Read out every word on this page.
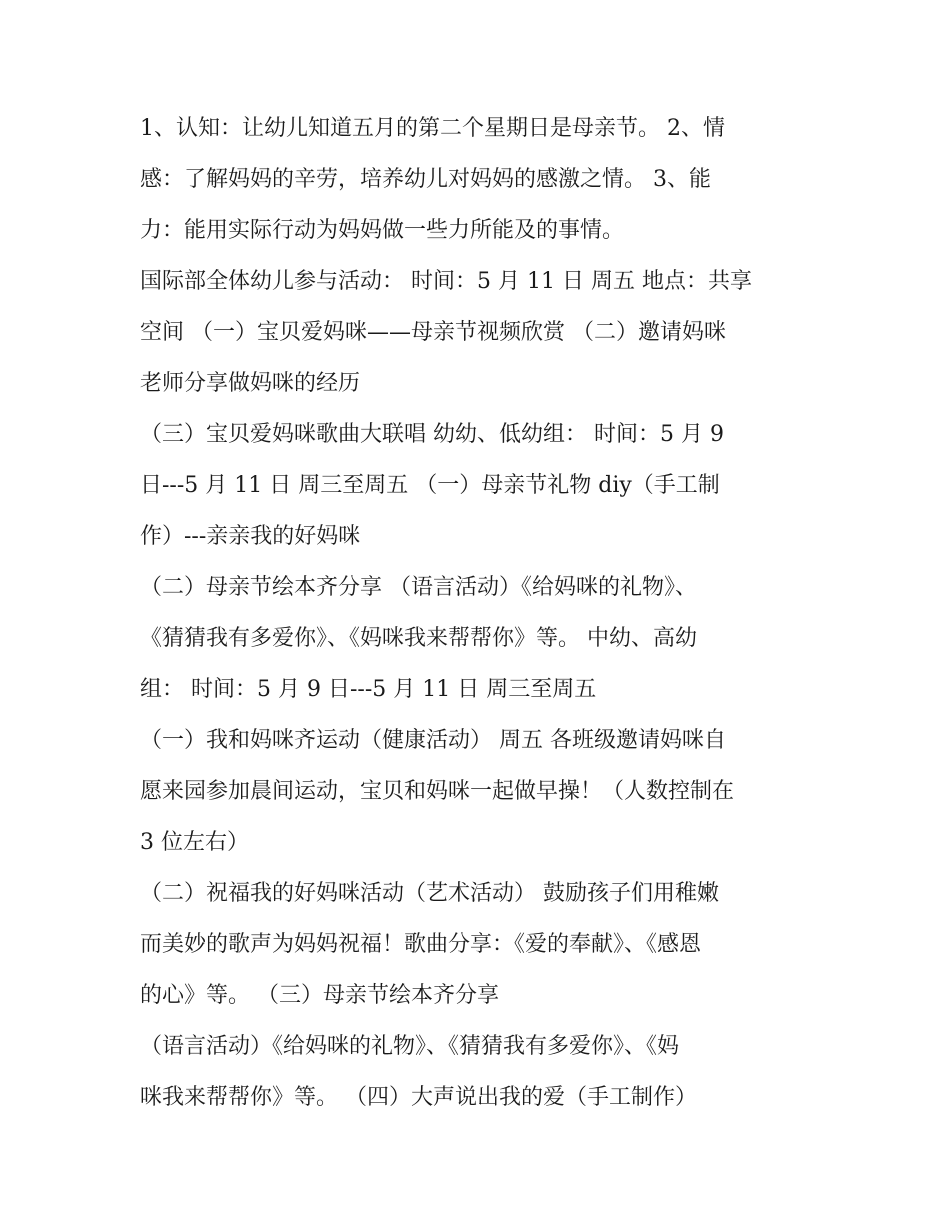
1、认知：让幼儿知道五月的第二个星期日是母亲节。 2、情
感：了解妈妈的辛劳，培养幼儿对妈妈的感激之情。 3、能
力：能用实际行动为妈妈做一些力所能及的事情。
国际部全体幼儿参与活动： 时间：5 月 11 日 周五 地点：共享
空间 （一）宝贝爱妈咪——母亲节视频欣赏 （二）邀请妈咪
老师分享做妈咪的经历
（三）宝贝爱妈咪歌曲大联唱 幼幼、低幼组： 时间：5 月 9
日---5 月 11 日 周三至周五 （一）母亲节礼物 diy（手工制
作）---亲亲我的好妈咪
（二）母亲节绘本齐分享 （语言活动）《给妈咪的礼物》、
《猜猜我有多爱你》、《妈咪我来帮帮你》等。 中幼、高幼
组： 时间：5 月 9 日---5 月 11 日 周三至周五
（一）我和妈咪齐运动（健康活动） 周五 各班级邀请妈咪自
愿来园参加晨间运动，宝贝和妈咪一起做早操！（人数控制在
3 位左右）
（二）祝福我的好妈咪活动（艺术活动） 鼓励孩子们用稚嫩
而美妙的歌声为妈妈祝福！歌曲分享：《爱的奉献》、《感恩
的心》等。 （三）母亲节绘本齐分享
（语言活动）《给妈咪的礼物》、《猜猜我有多爱你》、《妈
咪我来帮帮你》等。 （四）大声说出我的爱（手工制作）
